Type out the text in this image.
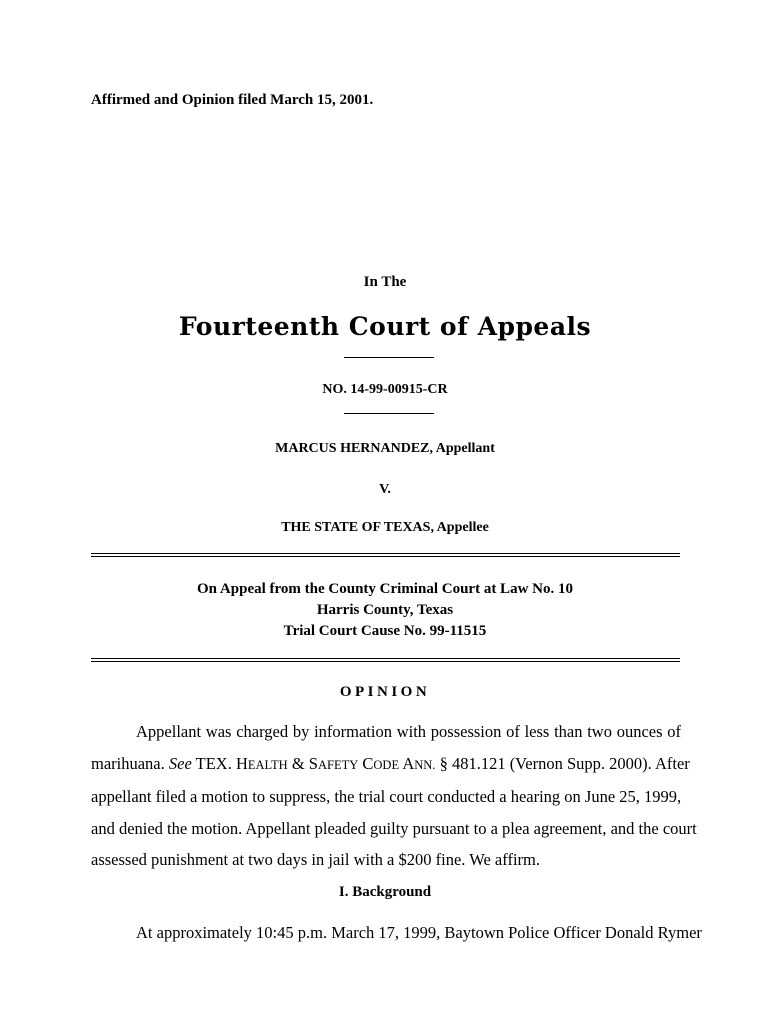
Affirmed and Opinion filed March 15, 2001.
In The
Fourteenth Court of Appeals
NO. 14-99-00915-CR
MARCUS HERNANDEZ, Appellant
V.
THE STATE OF TEXAS, Appellee
On Appeal from the County Criminal Court at Law No. 10
Harris County, Texas
Trial Court Cause No. 99-11515
OPINION
Appellant was charged by information with possession of less than two ounces of
marihuana. See TEX. HEALTH & SAFETY CODE ANN. § 481.121 (Vernon Supp. 2000). After
appellant filed a motion to suppress, the trial court conducted a hearing on June 25, 1999,
and denied the motion. Appellant pleaded guilty pursuant to a plea agreement, and the court
assessed punishment at two days in jail with a $200 fine. We affirm.
I. Background
At approximately 10:45 p.m. March 17, 1999, Baytown Police Officer Donald Rymer
